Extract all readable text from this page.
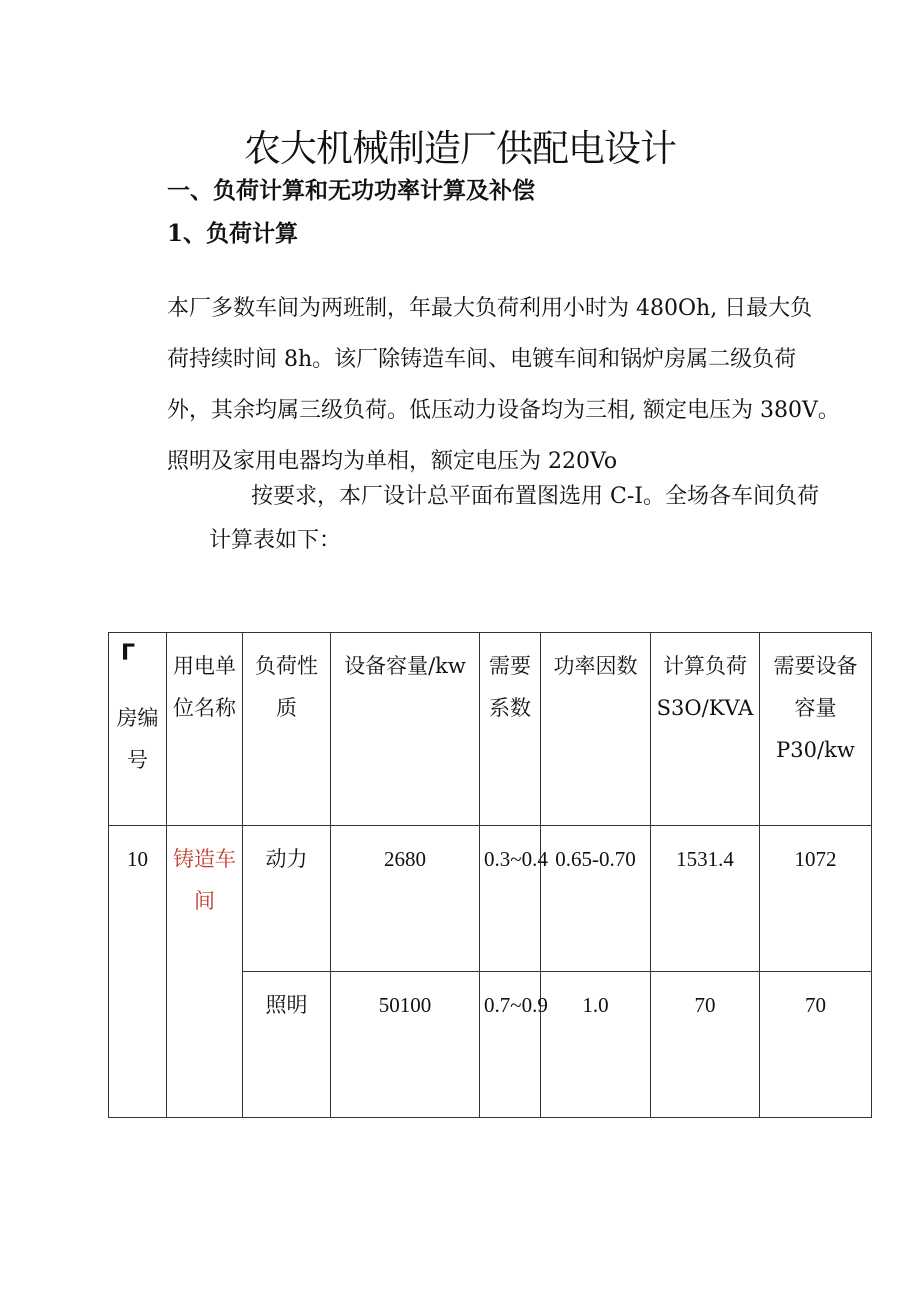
农大机械制造厂供配电设计
一、负荷计算和无功功率计算及补偿
1、负荷计算

本厂多数车间为两班制，年最大负荷利用小时为 480Oh, 日最大负
荷持续时间 8h。该厂除铸造车间、电镀车间和锅炉房属二级负荷
外，其余均属三级负荷。低压动力设备均为三相, 额定电压为 380V。
照明及家用电器均为单相，额定电压为 220Vo

按要求，本厂设计总平面布置图选用 C-I。全场各车间负荷
计算表如下：

Γ
房编号	用电单位名称	负荷性质	设备容量/kw	需要系数	功率因数	计算负荷S3O/KVA	需要设备容量P30/kw
10	铸造车间	动力	2680	0.3~0.4	0.65-0.70	1531.4	1072
		照明	50100	0.7~0.9	1.0	70	70
